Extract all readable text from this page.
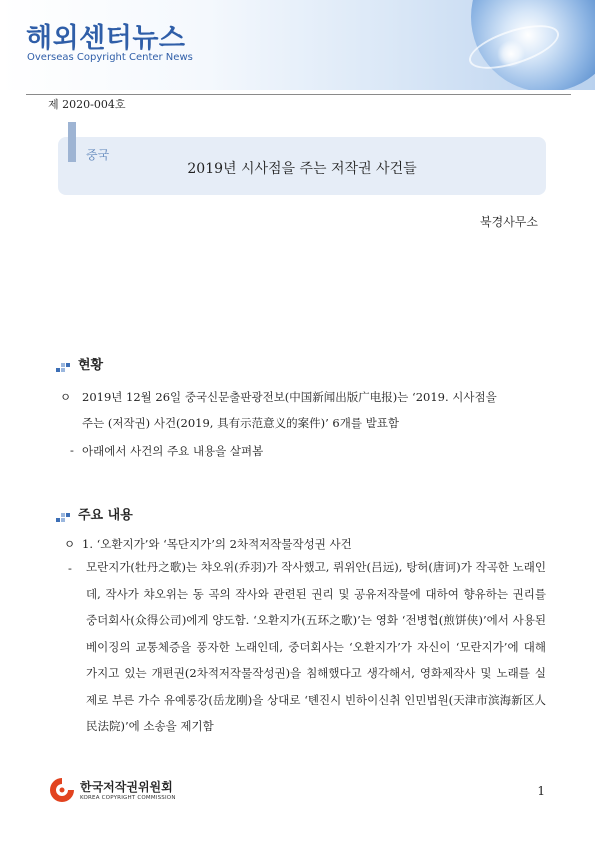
해외센터뉴스
Overseas Copyright Center News
제 2020-004호
중국
2019년 시사점을 주는 저작권 사건들
북경사무소
현황
ㅇ 2019년 12월 26일 중국신문출판광전보(中国新闻出版广电报)는 ‘2019. 시사점을
주는 (저작권) 사건(2019, 具有示范意义的案件)’ 6개를 발표함
- 아래에서 사건의 주요 내용을 살펴봄
주요 내용
ㅇ 1. ‘오환지가’와 ‘목단지가’의 2차적저작물작성권 사건
- 모란지가(牡丹之歌)는 챠오위(乔羽)가 작사했고, 뤼위안(吕远), 탕허(唐诃)가 작곡한 노래인데, 작사가 챠오위는 동 곡의 작사와 관련된 권리 및 공유저작물에 대하여 향유하는 권리를 중더회사(众得公司)에게 양도함. ‘오환지가(五环之歌)’는 영화 ‘전병협(煎饼侠)’에서 사용된 베이징의 교통체증을 풍자한 노래인데, 중더회사는 ‘오환지가’가 자신이 ‘모란지가’에 대해 가지고 있는 개편권(2차적저작물작성권)을 침해했다고 생각해서, 영화제작사 및 노래를 실제로 부른 가수 유예롱강(岳龙刚)을 상대로 ‘톈진시 빈하이신취 인민법원(天津市滨海新区人民法院)’에 소송을 제기함
한국저작권위원회
KOREA COPYRIGHT COMMISSION	1
